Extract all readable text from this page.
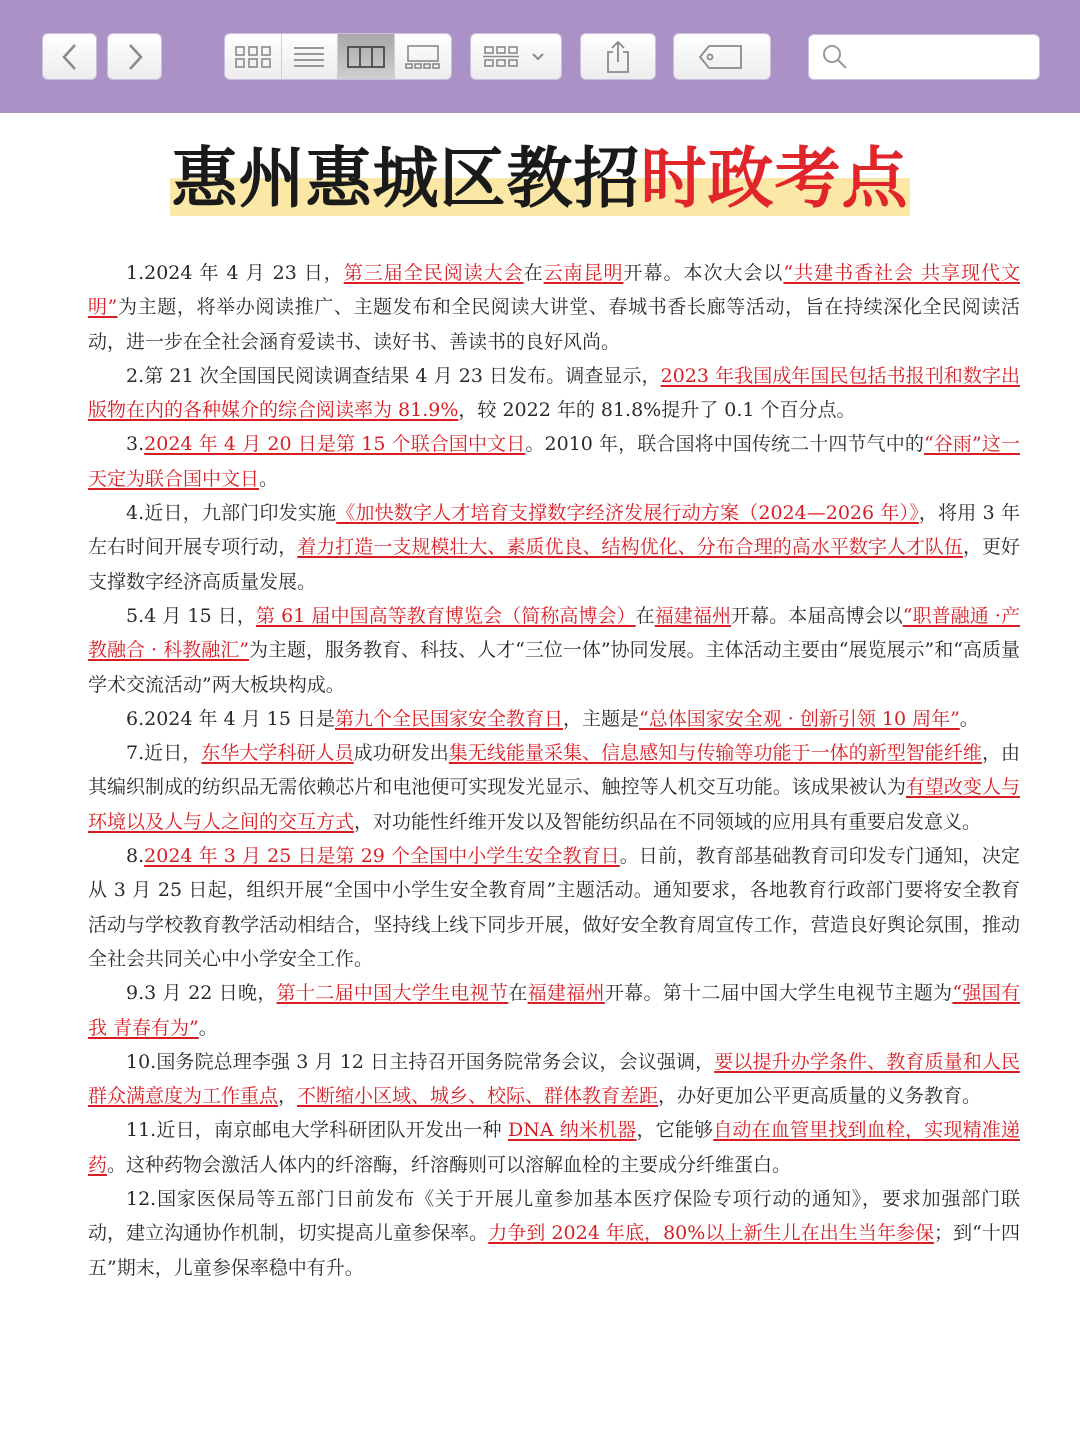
惠州惠城区教招时政考点

1.2024 年 4 月 23 日，第三届全民阅读大会在云南昆明开幕。本次大会以“共建书香社会 共享现代文明”为主题，将举办阅读推广、主题发布和全民阅读大讲堂、春城书香长廊等活动，旨在持续深化全民阅读活动，进一步在全社会涵育爱读书、读好书、善读书的良好风尚。

2.第 21 次全国国民阅读调查结果 4 月 23 日发布。调查显示，2023 年我国成年国民包括书报刊和数字出版物在内的各种媒介的综合阅读率为 81.9%，较 2022 年的 81.8%提升了 0.1 个百分点。

3.2024 年 4 月 20 日是第 15 个联合国中文日。2010 年，联合国将中国传统二十四节气中的“谷雨”这一天定为联合国中文日。

4.近日，九部门印发实施《加快数字人才培育支撑数字经济发展行动方案（2024—2026 年）》，将用 3 年左右时间开展专项行动，着力打造一支规模壮大、素质优良、结构优化、分布合理的高水平数字人才队伍，更好支撑数字经济高质量发展。

5.4 月 15 日，第 61 届中国高等教育博览会（简称高博会）在福建福州开幕。本届高博会以“职普融通 ·产教融合 · 科教融汇”为主题，服务教育、科技、人才“三位一体”协同发展。主体活动主要由“展览展示”和“高质量学术交流活动”两大板块构成。

6.2024 年 4 月 15 日是第九个全民国家安全教育日，主题是“总体国家安全观 · 创新引领 10 周年”。

7.近日，东华大学科研人员成功研发出集无线能量采集、信息感知与传输等功能于一体的新型智能纤维，由其编织制成的纺织品无需依赖芯片和电池便可实现发光显示、触控等人机交互功能。该成果被认为有望改变人与环境以及人与人之间的交互方式，对功能性纤维开发以及智能纺织品在不同领域的应用具有重要启发意义。

8.2024 年 3 月 25 日是第 29 个全国中小学生安全教育日。日前，教育部基础教育司印发专门通知，决定从 3 月 25 日起，组织开展“全国中小学生安全教育周”主题活动。通知要求，各地教育行政部门要将安全教育活动与学校教育教学活动相结合，坚持线上线下同步开展，做好安全教育周宣传工作，营造良好舆论氛围，推动全社会共同关心中小学安全工作。

9.3 月 22 日晚，第十二届中国大学生电视节在福建福州开幕。第十二届中国大学生电视节主题为“强国有我 青春有为”。

10.国务院总理李强 3 月 12 日主持召开国务院常务会议，会议强调，要以提升办学条件、教育质量和人民群众满意度为工作重点，不断缩小区域、城乡、校际、群体教育差距，办好更加公平更高质量的义务教育。

11.近日，南京邮电大学科研团队开发出一种 DNA 纳米机器，它能够自动在血管里找到血栓，实现精准递药。这种药物会激活人体内的纤溶酶，纤溶酶则可以溶解血栓的主要成分纤维蛋白。

12.国家医保局等五部门日前发布《关于开展儿童参加基本医疗保险专项行动的通知》，要求加强部门联动，建立沟通协作机制，切实提高儿童参保率。力争到 2024 年底，80%以上新生儿在出生当年参保；到“十四五”期末，儿童参保率稳中有升。
